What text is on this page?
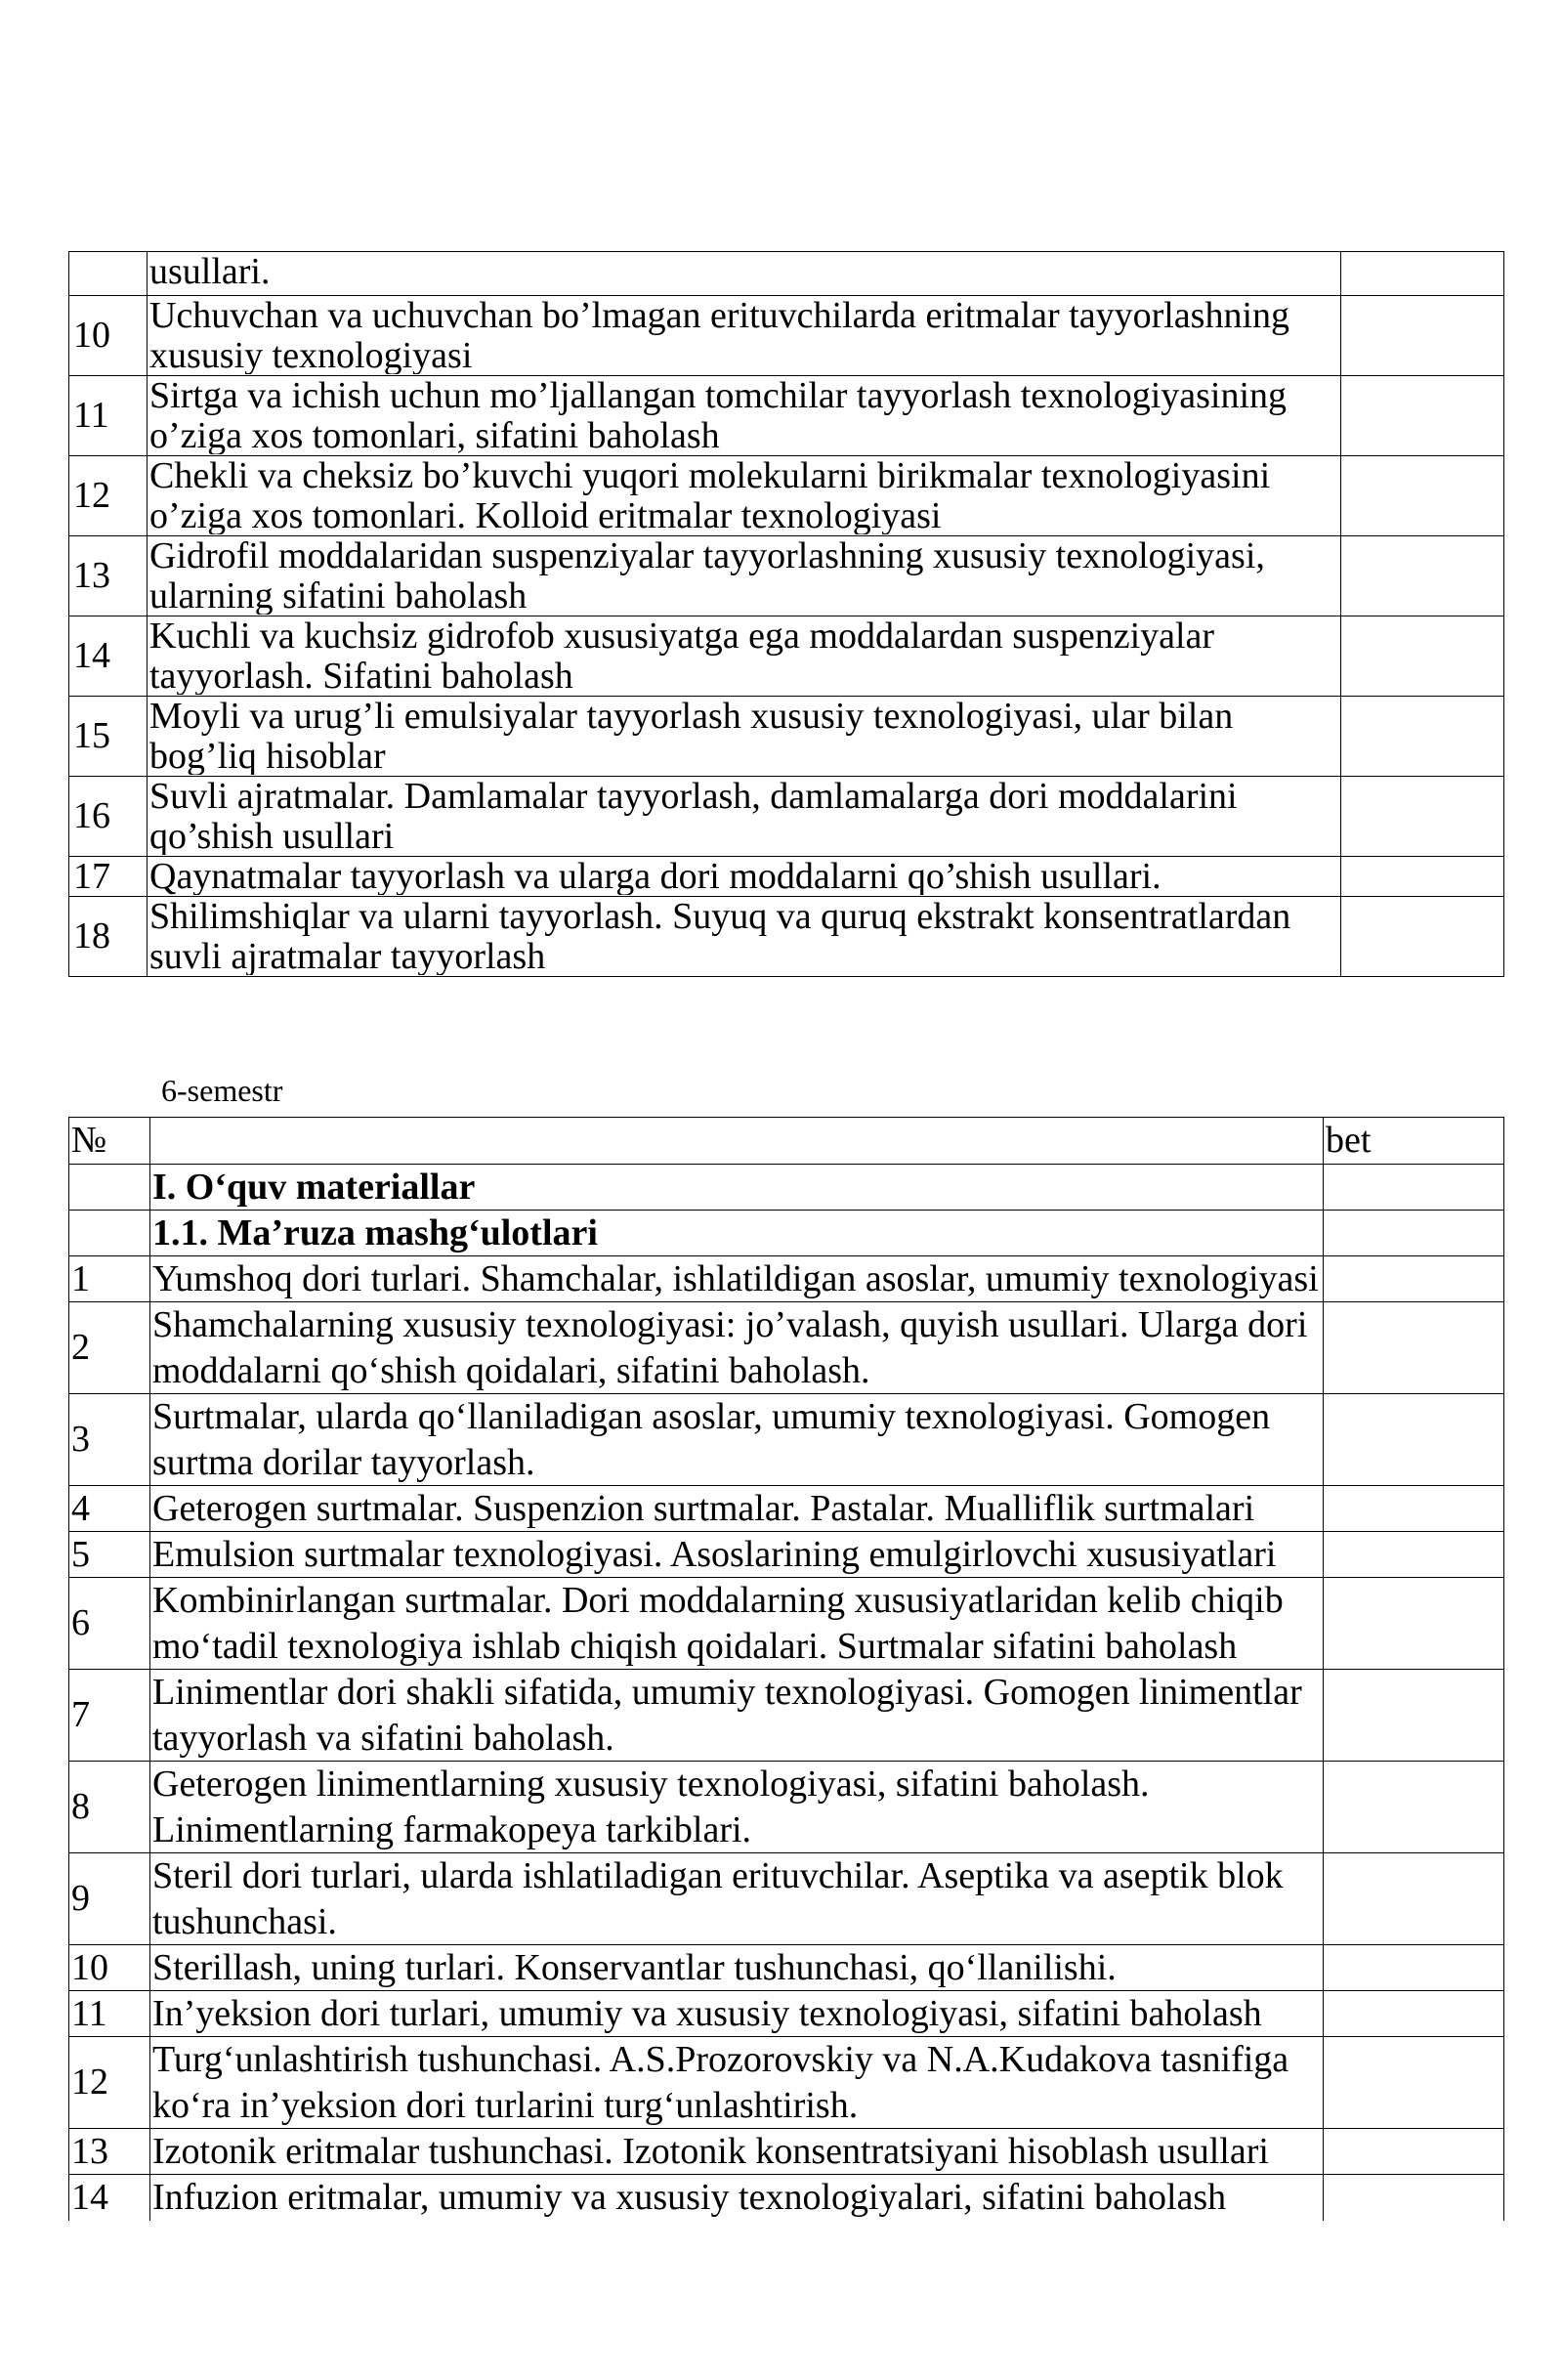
	usullari.	

10	Uchuvchan va uchuvchan bo’lmagan erituvchilarda eritmalar tayyorlashning xususiy texnologiyasi	

11	Sirtga va ichish uchun mo’ljallangan tomchilar tayyorlash texnologiyasining o’ziga xos tomonlari, sifatini baholash	

12	Chekli va cheksiz bo’kuvchi yuqori molekularni birikmalar texnologiyasini o’ziga xos tomonlari. Kolloid eritmalar texnologiyasi	

13	Gidrofil moddalaridan suspenziyalar tayyorlashning xususiy texnologiyasi, ularning sifatini baholash	

14	Kuchli va kuchsiz gidrofob xususiyatga ega moddalardan suspenziyalar tayyorlash. Sifatini baholash	

15	Moyli va urug’li emulsiyalar tayyorlash xususiy texnologiyasi, ular bilan bog’liq hisoblar	

16	Suvli ajratmalar. Damlamalar tayyorlash, damlamalarga dori moddalarini qo’shish usullari	

17	Qaynatmalar tayyorlash va ularga dori moddalarni qo’shish usullari.	

18	Shilimshiqlar va ularni tayyorlash. Suyuq va quruq ekstrakt konsentratlardan suvli ajratmalar tayyorlash	

6-semestr
№		bet

	I. O‘quv materiallar	

	1.1. Ma’ruza mashg‘ulotlari	

1	Yumshoq dori turlari. Shamchalar, ishlatildigan asoslar, umumiy texnologiyasi	

2	Shamchalarning xususiy texnologiyasi: jo’valash, quyish usullari. Ularga dori moddalarni qo‘shish qoidalari, sifatini baholash.	

3	Surtmalar, ularda qo‘llaniladigan asoslar, umumiy texnologiyasi. Gomogen surtma dorilar tayyorlash.	

4	Geterogen surtmalar. Suspenzion surtmalar. Pastalar. Mualliflik surtmalari	

5	Emulsion surtmalar texnologiyasi. Asoslarining emulgirlovchi xususiyatlari	

6	Kombinirlangan surtmalar. Dori moddalarning xususiyatlaridan kelib chiqib mo‘tadil texnologiya ishlab chiqish qoidalari. Surtmalar sifatini baholash	

7	Linimentlar dori shakli sifatida, umumiy texnologiyasi. Gomogen linimentlar tayyorlash va sifatini baholash.	

8	Geterogen linimentlarning xususiy texnologiyasi, sifatini baholash. Linimentlarning farmakopeya tarkiblari.	

9	Steril dori turlari, ularda ishlatiladigan erituvchilar. Aseptika va aseptik blok tushunchasi.	

10	Sterillash, uning turlari. Konservantlar tushunchasi, qo‘llanilishi.	

11	In’yeksion dori turlari, umumiy va xususiy texnologiyasi, sifatini baholash	

12	Turg‘unlashtirish tushunchasi. A.S.Prozorovskiy va N.A.Kudakova tasnifiga ko‘ra in’yeksion dori turlarini turg‘unlashtirish.	

13	Izotonik eritmalar tushunchasi. Izotonik konsentratsiyani hisoblash usullari	

14	Infuzion eritmalar, umumiy va xususiy texnologiyalari, sifatini baholash	
